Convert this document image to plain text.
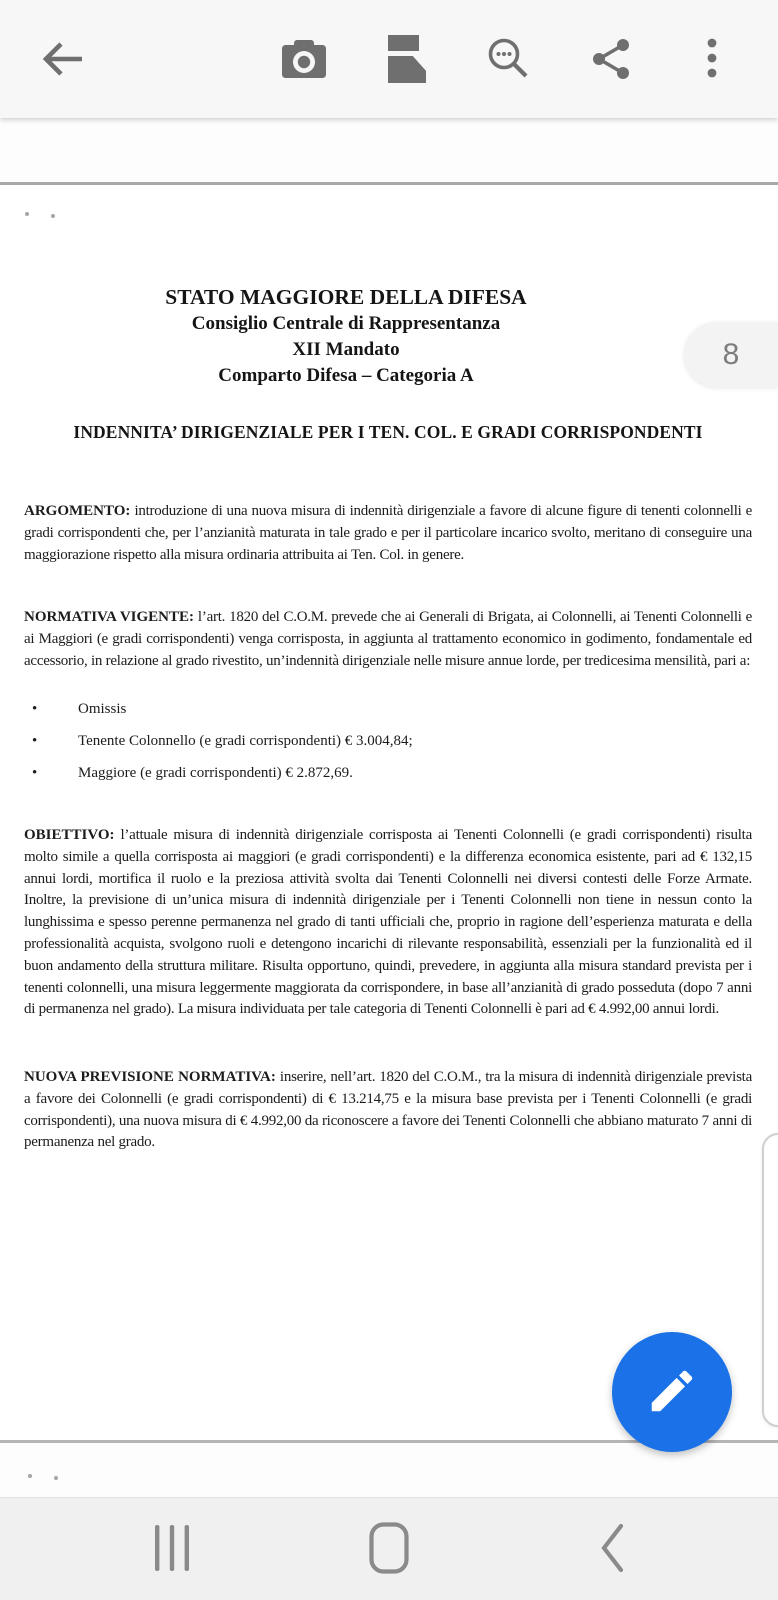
STATO MAGGIORE DELLA DIFESA
Consiglio Centrale di Rappresentanza
XII Mandato
Comparto Difesa – Categoria A
INDENNITA’ DIRIGENZIALE PER I TEN. COL. E GRADI CORRISPONDENTI

ARGOMENTO: introduzione di una nuova misura di indennità dirigenziale a favore di alcune figure di tenenti colonnelli e gradi corrispondenti che, per l’anzianità maturata in tale grado e per il particolare incarico svolto, meritano di conseguire una maggiorazione rispetto alla misura ordinaria attribuita ai Ten. Col. in genere.

NORMATIVA VIGENTE: l’art. 1820 del C.O.M. prevede che ai Generali di Brigata, ai Colonnelli, ai Tenenti Colonnelli e ai Maggiori (e gradi corrispondenti) venga corrisposta, in aggiunta al trattamento economico in godimento, fondamentale ed accessorio, in relazione al grado rivestito, un’indennità dirigenziale nelle misure annue lorde, per tredicesima mensilità, pari a:

•	Omissis
•	Tenente Colonnello (e gradi corrispondenti) € 3.004,84;
•	Maggiore (e gradi corrispondenti) € 2.872,69.

OBIETTIVO: l’attuale misura di indennità dirigenziale corrisposta ai Tenenti Colonnelli (e gradi corrispondenti) risulta molto simile a quella corrisposta ai maggiori (e gradi corrispondenti) e la differenza economica esistente, pari ad € 132,15 annui lordi, mortifica il ruolo e la preziosa attività svolta dai Tenenti Colonnelli nei diversi contesti delle Forze Armate. Inoltre, la previsione di un’unica misura di indennità dirigenziale per i Tenenti Colonnelli non tiene in nessun conto la lunghissima e spesso perenne permanenza nel grado di tanti ufficiali che, proprio in ragione dell’esperienza maturata e della professionalità acquista, svolgono ruoli e detengono incarichi di rilevante responsabilità, essenziali per la funzionalità ed il buon andamento della struttura militare. Risulta opportuno, quindi, prevedere, in aggiunta alla misura standard prevista per i tenenti colonnelli, una misura leggermente maggiorata da corrispondere, in base all’anzianità di grado posseduta (dopo 7 anni di permanenza nel grado). La misura individuata per tale categoria di Tenenti Colonnelli è pari ad € 4.992,00 annui lordi.

NUOVA PREVISIONE NORMATIVA: inserire, nell’art. 1820 del C.O.M., tra la misura di indennità dirigenziale prevista a favore dei Colonnelli (e gradi corrispondenti) di € 13.214,75 e la misura base prevista per i Tenenti Colonnelli (e gradi corrispondenti), una nuova misura di € 4.992,00 da riconoscere a favore dei Tenenti Colonnelli che abbiano maturato 7 anni di permanenza nel grado.

8
